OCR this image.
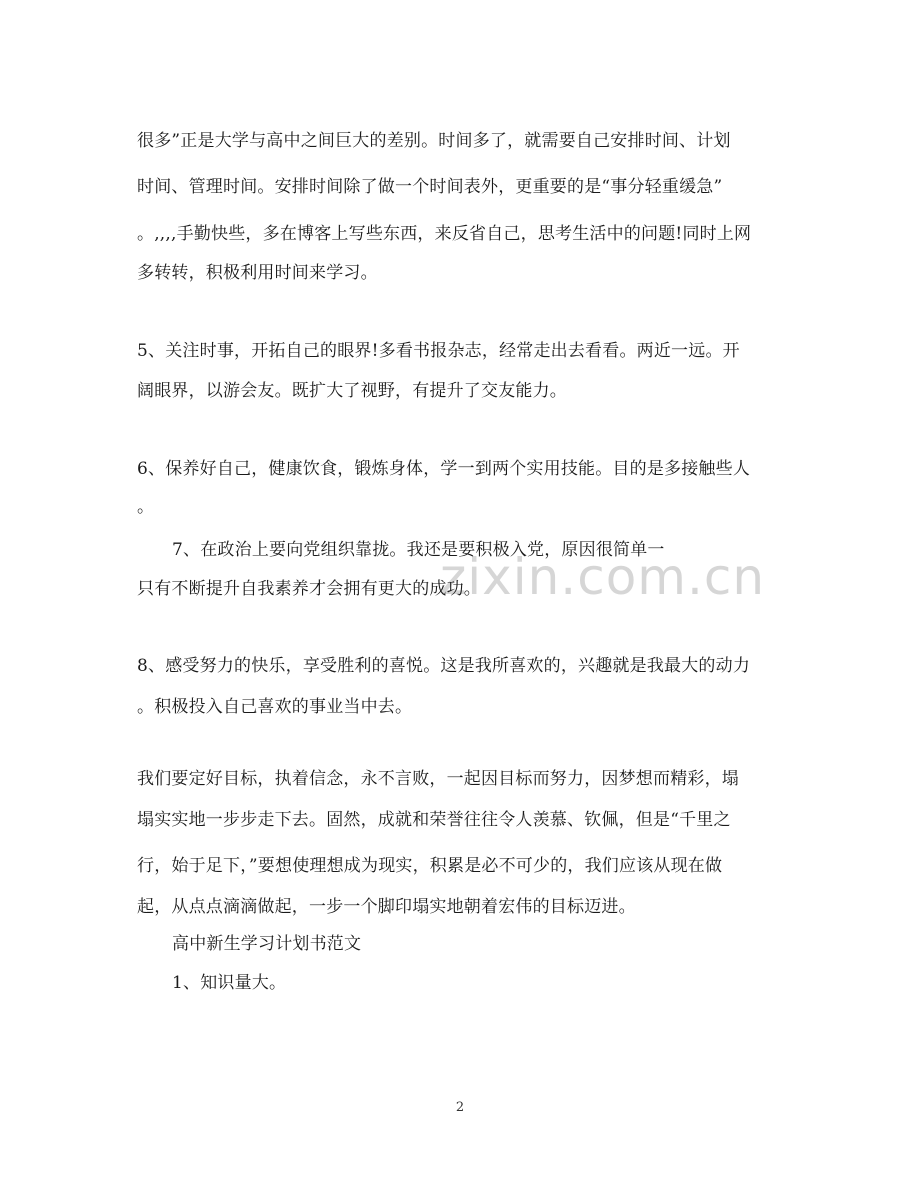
zixin.com.cn
很多”正是大学与高中之间巨大的差别。时间多了，就需要自己安排时间、计划
时间、管理时间。安排时间除了做一个时间表外，更重要的是“事分轻重缓急”
。,,,,手勤快些，多在博客上写些东西，来反省自己，思考生活中的问题!同时上网
多转转，积极利用时间来学习。
5、关注时事，开拓自己的眼界!多看书报杂志，经常走出去看看。两近一远。开
阔眼界，以游会友。既扩大了视野，有提升了交友能力。
6、保养好自己，健康饮食，锻炼身体，学一到两个实用技能。目的是多接触些人
。
7、在政治上要向党组织靠拢。我还是要积极入党，原因很简单一
只有不断提升自我素养才会拥有更大的成功。
8、感受努力的快乐，享受胜利的喜悦。这是我所喜欢的，兴趣就是我最大的动力
。积极投入自己喜欢的事业当中去。
我们要定好目标，执着信念，永不言败，一起因目标而努力，因梦想而精彩，塌
塌实实地一步步走下去。固然，成就和荣誉往往令人羡慕、钦佩，但是“千里之
行，始于足下，”要想使理想成为现实，积累是必不可少的，我们应该从现在做
起，从点点滴滴做起，一步一个脚印塌实地朝着宏伟的目标迈进。
高中新生学习计划书范文
1、知识量大。
2
